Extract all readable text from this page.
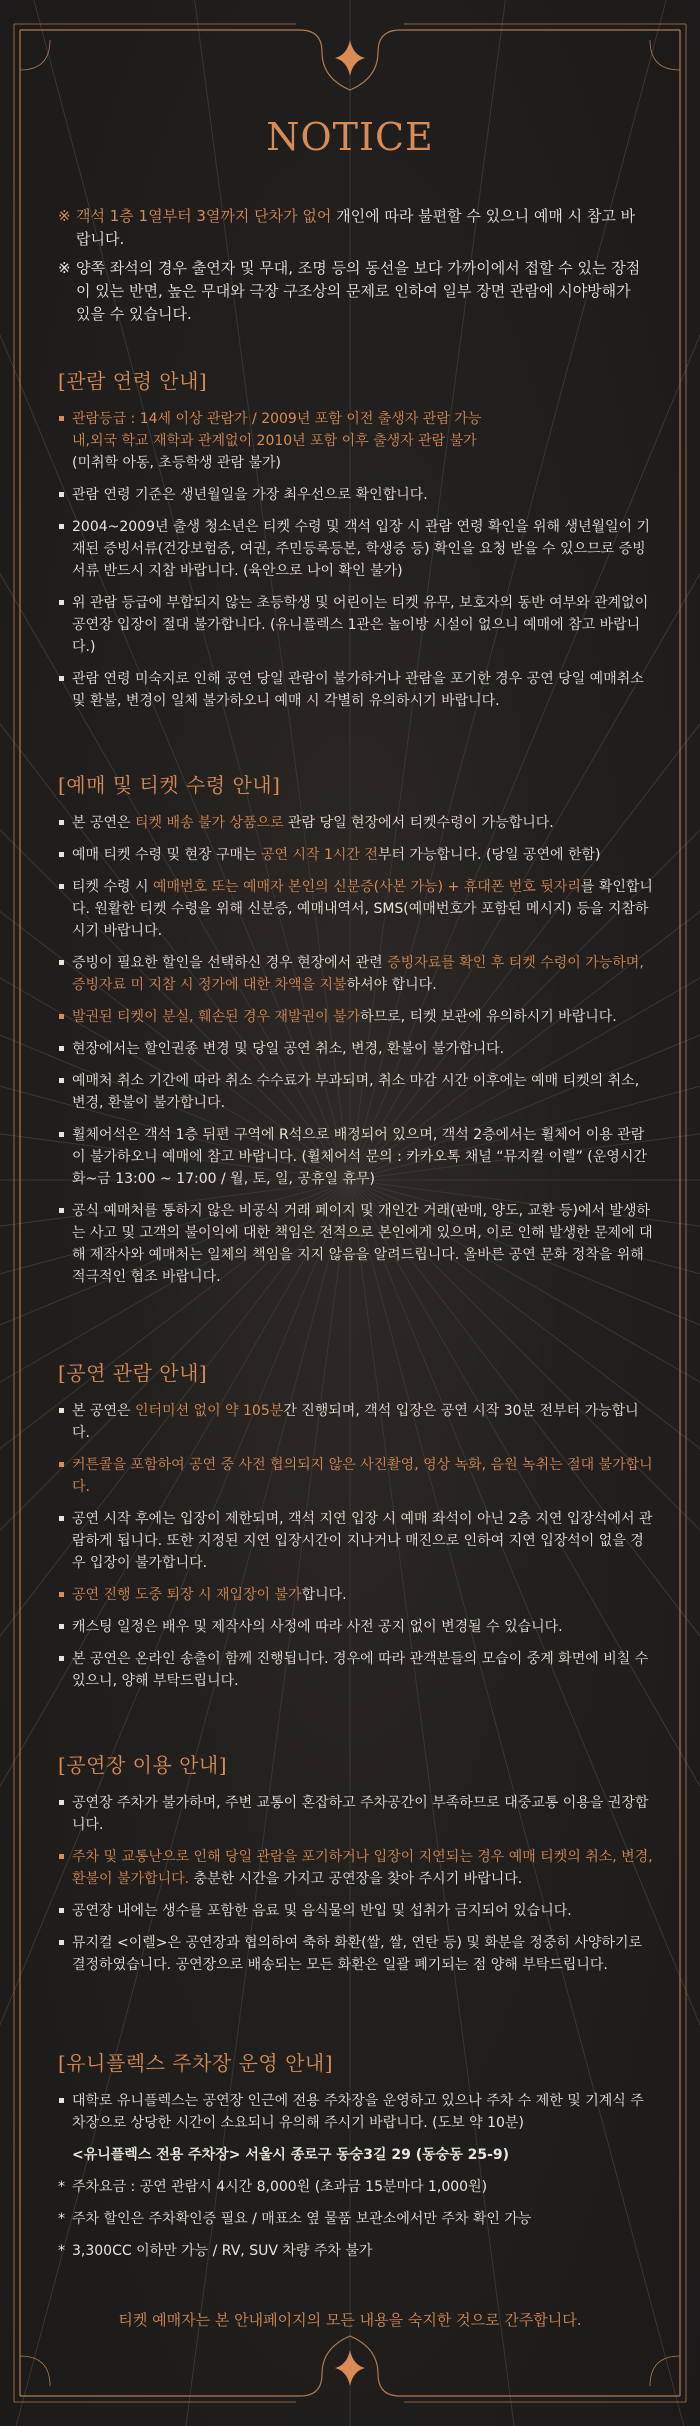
NOTICE
※ 객석 1층 1열부터 3열까지 단차가 없어 개인에 따라 불편할 수 있으니 예매 시 참고 바랍니다.
※ 양쪽 좌석의 경우 출연자 및 무대, 조명 등의 동선을 보다 가까이에서 접할 수 있는 장점이 있는 반면, 높은 무대와 극장 구조상의 문제로 인하여 일부 장면 관람에 시야방해가 있을 수 있습니다.
[관람 연령 안내]
관람등급 : 14세 이상 관람가 / 2009년 포함 이전 출생자 관람 가능
내,외국 학교 재학과 관계없이 2010년 포함 이후 출생자 관람 불가
(미취학 아동, 초등학생 관람 불가)
관람 연령 기준은 생년월일을 가장 최우선으로 확인합니다.
2004~2009년 출생 청소년은 티켓 수령 및 객석 입장 시 관람 연령 확인을 위해 생년월일이 기재된 증빙서류(건강보험증, 여권, 주민등록등본, 학생증 등) 확인을 요청 받을 수 있으므로 증빙서류 반드시 지참 바랍니다. (육안으로 나이 확인 불가)
위 관람 등급에 부합되지 않는 초등학생 및 어린이는 티켓 유무, 보호자의 동반 여부와 관계없이 공연장 입장이 절대 불가합니다. (유니플렉스 1관은 놀이방 시설이 없으니 예매에 참고 바랍니다.)
관람 연령 미숙지로 인해 공연 당일 관람이 불가하거나 관람을 포기한 경우 공연 당일 예매취소 및 환불, 변경이 일체 불가하오니 예매 시 각별히 유의하시기 바랍니다.
[예매 및 티켓 수령 안내]
본 공연은 티켓 배송 불가 상품으로 관람 당일 현장에서 티켓수령이 가능합니다.
예매 티켓 수령 및 현장 구매는 공연 시작 1시간 전부터 가능합니다. (당일 공연에 한함)
티켓 수령 시 예매번호 또는 예매자 본인의 신분증(사본 가능) + 휴대폰 번호 뒷자리를 확인합니다. 원활한 티켓 수령을 위해 신분증, 예매내역서, SMS(예매번호가 포함된 메시지) 등을 지참하시기 바랍니다.
증빙이 필요한 할인을 선택하신 경우 현장에서 관련 증빙자료를 확인 후 티켓 수령이 가능하며, 증빙자료 미 지참 시 정가에 대한 차액을 지불하셔야 합니다.
발권된 티켓이 분실, 훼손된 경우 재발권이 불가하므로, 티켓 보관에 유의하시기 바랍니다.
현장에서는 할인권종 변경 및 당일 공연 취소, 변경, 환불이 불가합니다.
예매처 취소 기간에 따라 취소 수수료가 부과되며, 취소 마감 시간 이후에는 예매 티켓의 취소, 변경, 환불이 불가합니다.
휠체어석은 객석 1층 뒤편 구역에 R석으로 배정되어 있으며, 객석 2층에서는 휠체어 이용 관람이 불가하오니 예매에 참고 바랍니다. (휠체어석 문의 : 카카오톡 채널 “뮤지컬 이렐” (운영시간 화~금 13:00 ~ 17:00 / 월, 토, 일, 공휴일 휴무)
공식 예매처를 통하지 않은 비공식 거래 페이지 및 개인간 거래(판매, 양도, 교환 등)에서 발생하는 사고 및 고객의 불이익에 대한 책임은 전적으로 본인에게 있으며, 이로 인해 발생한 문제에 대해 제작사와 예매처는 일체의 책임을 지지 않음을 알려드립니다. 올바른 공연 문화 정착을 위해 적극적인 협조 바랍니다.
[공연 관람 안내]
본 공연은 인터미션 없이 약 105분간 진행되며, 객석 입장은 공연 시작 30분 전부터 가능합니다.
커튼콜을 포함하여 공연 중 사전 협의되지 않은 사진촬영, 영상 녹화, 음원 녹취는 절대 불가합니다.
공연 시작 후에는 입장이 제한되며, 객석 지연 입장 시 예매 좌석이 아닌 2층 지연 입장석에서 관람하게 됩니다. 또한 지정된 지연 입장시간이 지나거나 매진으로 인하여 지연 입장석이 없을 경우 입장이 불가합니다.
공연 진행 도중 퇴장 시 재입장이 불가합니다.
캐스팅 일정은 배우 및 제작사의 사정에 따라 사전 공지 없이 변경될 수 있습니다.
본 공연은 온라인 송출이 함께 진행됩니다. 경우에 따라 관객분들의 모습이 중계 화면에 비칠 수 있으니, 양해 부탁드립니다.
[공연장 이용 안내]
공연장 주차가 불가하며, 주변 교통이 혼잡하고 주차공간이 부족하므로 대중교통 이용을 권장합니다.
주차 및 교통난으로 인해 당일 관람을 포기하거나 입장이 지연되는 경우 예매 티켓의 취소, 변경, 환불이 불가합니다. 충분한 시간을 가지고 공연장을 찾아 주시기 바랍니다.
공연장 내에는 생수를 포함한 음료 및 음식물의 반입 및 섭취가 금지되어 있습니다.
뮤지컬 <이렐>은 공연장과 협의하여 축하 화환(쌀, 쌀, 연탄 등) 및 화분을 정중히 사양하기로 결정하였습니다. 공연장으로 배송되는 모든 화환은 일괄 폐기되는 점 양해 부탁드립니다.
[유니플렉스 주차장 운영 안내]
대학로 유니플렉스는 공연장 인근에 전용 주차장을 운영하고 있으나 주차 수 제한 및 기계식 주차장으로 상당한 시간이 소요되니 유의해 주시기 바랍니다. (도보 약 10분)
<유니플렉스 전용 주차장> 서울시 종로구 동숭3길 29 (동숭동 25-9)
* 주차요금 : 공연 관람시 4시간 8,000원 (초과금 15분마다 1,000원)
* 주차 할인은 주차확인증 필요 / 매표소 옆 물품 보관소에서만 주차 확인 가능
* 3,300CC 이하만 가능 / RV, SUV 차량 주차 불가
티켓 예매자는 본 안내페이지의 모든 내용을 숙지한 것으로 간주합니다.
